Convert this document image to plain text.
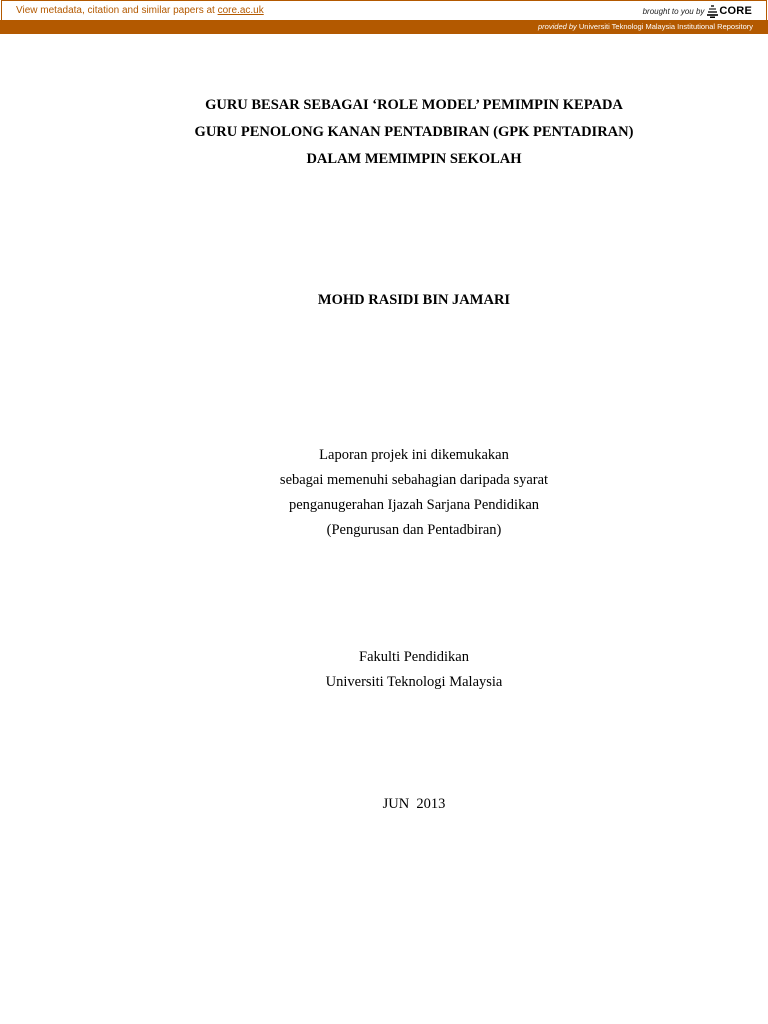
View metadata, citation and similar papers at core.ac.uk	brought to you by CORE
provided by Universiti Teknologi Malaysia Institutional Repository
GURU BESAR SEBAGAI ‘ROLE MODEL’ PEMIMPIN KEPADA
GURU PENOLONG KANAN PENTADBIRAN (GPK PENTADIRAN)
DALAM MEMIMPIN SEKOLAH
MOHD RASIDI BIN JAMARI
Laporan projek ini dikemukakan
sebagai memenuhi sebahagian daripada syarat
penganugerahan Ijazah Sarjana Pendidikan
(Pengurusan dan Pentadbiran)
Fakulti Pendidikan
Universiti Teknologi Malaysia
JUN  2013
